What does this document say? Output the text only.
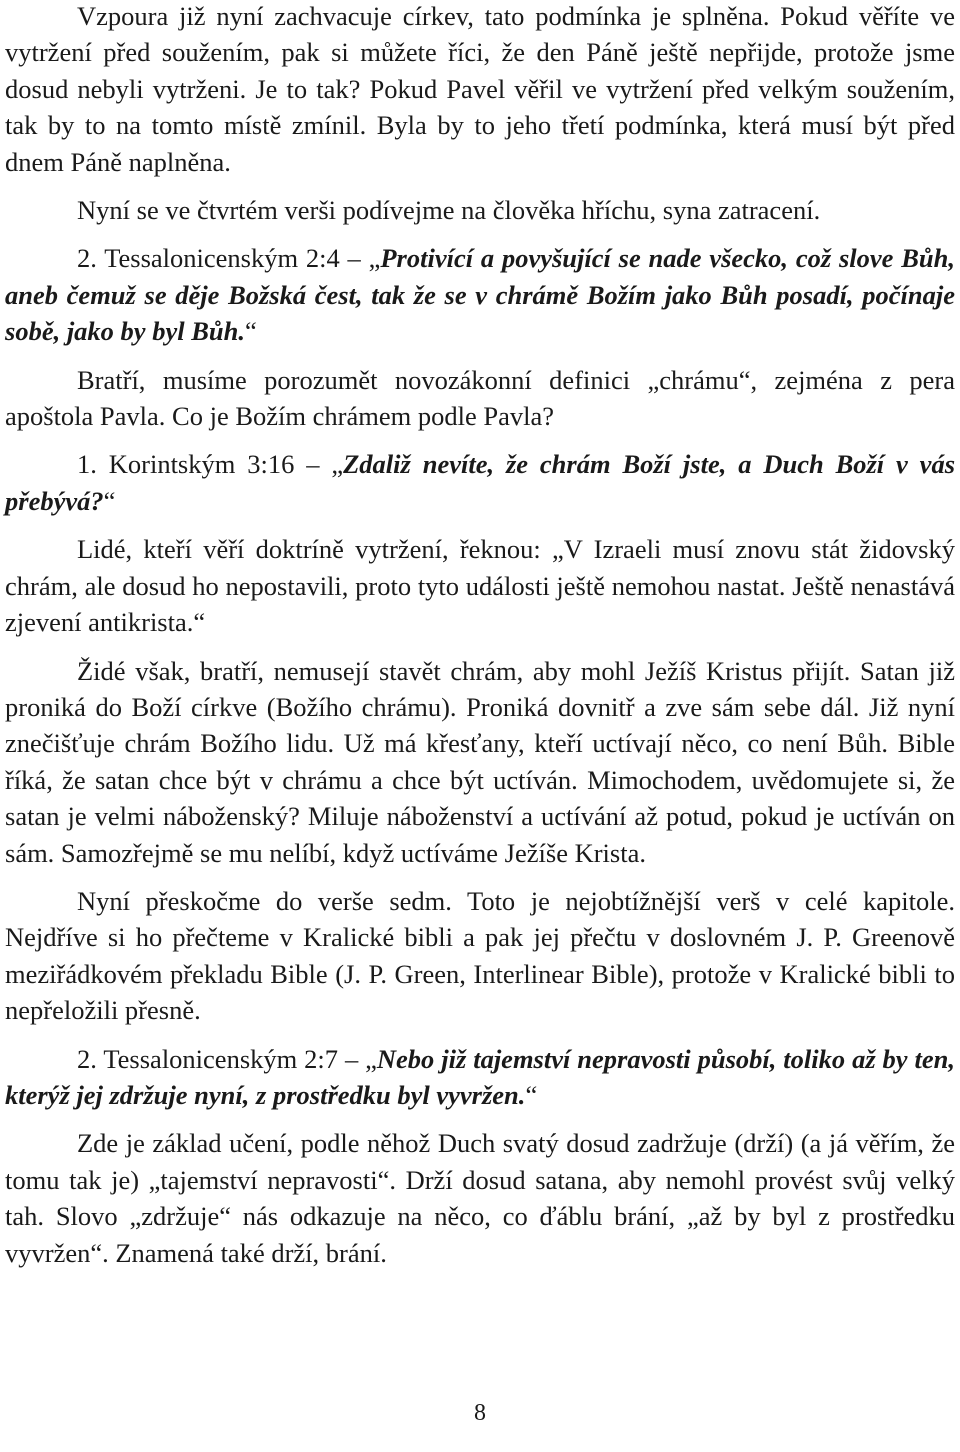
Vzpoura již nyní zachvacuje církev, tato podmínka je splněna. Pokud věříte ve vytržení před soužením, pak si můžete říci, že den Páně ještě nepřijde, protože jsme dosud nebyli vytrženi. Je to tak? Pokud Pavel věřil ve vytržení před velkým soužením, tak by to na tomto místě zmínil. Byla by to jeho třetí podmínka, která musí být před dnem Páně naplněna.

Nyní se ve čtvrtém verši podívejme na člověka hříchu, syna zatracení.

2. Tessalonicenským 2:4 – „Protivící a povyšující se nade všecko, což slove Bůh, aneb čemuž se děje Božská čest, tak že se v chrámě Božím jako Bůh posadí, počínaje sobě, jako by byl Bůh.“

Bratří, musíme porozumět novozákonní definici „chrámu“, zejména z pera apoštola Pavla. Co je Božím chrámem podle Pavla?

1. Korintským 3:16 – „Zdaliž nevíte, že chrám Boží jste, a Duch Boží v vás přebývá?“

Lidé, kteří věří doktríně vytržení, řeknou: „V Izraeli musí znovu stát židovský chrám, ale dosud ho nepostavili, proto tyto události ještě nemohou nastat. Ještě nenastává zjevení antikrista.“

Židé však, bratří, nemusejí stavět chrám, aby mohl Ježíš Kristus přijít. Satan již proniká do Boží církve (Božího chrámu). Proniká dovnitř a zve sám sebe dál. Již nyní znečišťuje chrám Božího lidu. Už má křesťany, kteří uctívají něco, co není Bůh. Bible říká, že satan chce být v chrámu a chce být uctíván. Mimochodem, uvědomujete si, že satan je velmi náboženský? Miluje náboženství a uctívání až potud, pokud je uctíván on sám. Samozřejmě se mu nelíbí, když uctíváme Ježíše Krista.

Nyní přeskočme do verše sedm. Toto je nejobtížnější verš v celé kapitole. Nejdříve si ho přečteme v Kralické bibli a pak jej přečtu v doslovném J. P. Greenově meziřádkovém překladu Bible (J. P. Green, Interlinear Bible), protože v Kralické bibli to nepřeložili přesně.

2. Tessalonicenským 2:7 – „Nebo již tajemství nepravosti působí, toliko až by ten, kterýž jej zdržuje nyní, z prostředku byl vyvržen.“

Zde je základ učení, podle něhož Duch svatý dosud zadržuje (drží) (a já věřím, že tomu tak je) „tajemství nepravosti“. Drží dosud satana, aby nemohl provést svůj velký tah. Slovo „zdržuje“ nás odkazuje na něco, co ďáblu brání, „až by byl z prostředku vyvržen“. Znamená také drží, brání.

8
